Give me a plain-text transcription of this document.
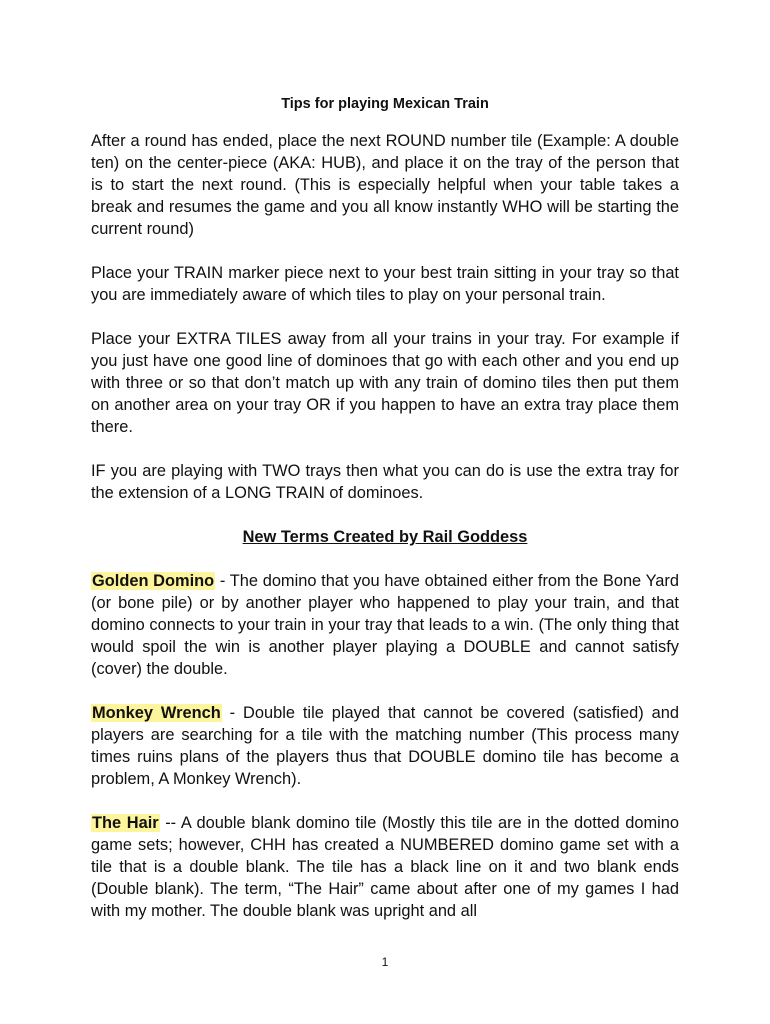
Tips for playing Mexican Train

After a round has ended, place the next ROUND number tile (Example: A double ten) on the center-piece (AKA: HUB), and place it on the tray of the person that is to start the next round. (This is especially helpful when your table takes a break and resumes the game and you all know instantly WHO will be starting the current round)

Place your TRAIN marker piece next to your best train sitting in your tray so that you are immediately aware of which tiles to play on your personal train.

Place your EXTRA TILES away from all your trains in your tray. For example if you just have one good line of dominoes that go with each other and you end up with three or so that don’t match up with any train of domino tiles then put them on another area on your tray OR if you happen to have an extra tray place them there.

IF you are playing with TWO trays then what you can do is use the extra tray for the extension of a LONG TRAIN of dominoes.

New Terms Created by Rail Goddess

Golden Domino - The domino that you have obtained either from the Bone Yard (or bone pile) or by another player who happened to play your train, and that domino connects to your train in your tray that leads to a win. (The only thing that would spoil the win is another player playing a DOUBLE and cannot satisfy (cover) the double.

Monkey Wrench - Double tile played that cannot be covered (satisfied) and players are searching for a tile with the matching number (This process many times ruins plans of the players thus that DOUBLE domino tile has become a problem, A Monkey Wrench).

The Hair -- A double blank domino tile (Mostly this tile are in the dotted domino game sets; however, CHH has created a NUMBERED domino game set with a tile that is a double blank. The tile has a black line on it and two blank ends (Double blank). The term, “The Hair” came about after one of my games I had with my mother. The double blank was upright and all

1
